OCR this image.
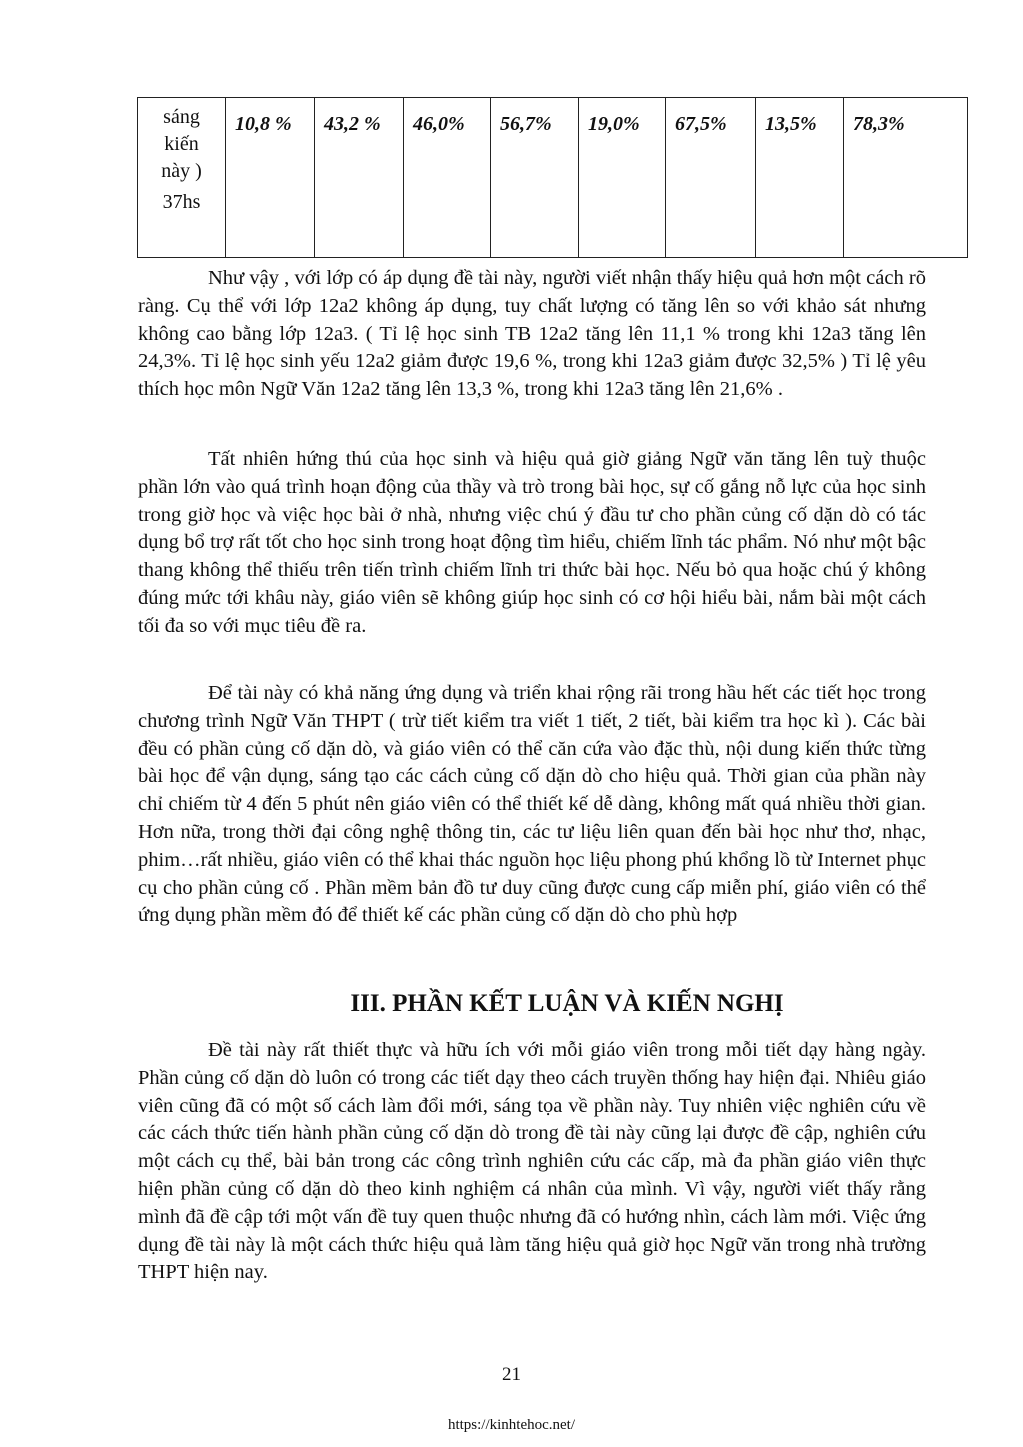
sáng
kiến
này )
37hs
	10,8 %	43,2 %	46,0%	56,7%	19,0%	67,5%	13,5%	78,3%

Như vậy , với lớp có áp dụng đề tài này, người viết nhận thấy hiệu quả hơn một cách rõ ràng. Cụ thể với lớp 12a2 không áp dụng, tuy chất lượng có tăng lên so với khảo sát nhưng không cao bằng lớp 12a3. ( Tỉ lệ học sinh TB 12a2 tăng lên 11,1 % trong khi 12a3 tăng lên 24,3%. Tỉ lệ học sinh yếu 12a2 giảm được 19,6 %, trong khi 12a3 giảm được 32,5% ) Tỉ lệ yêu thích học môn Ngữ Văn 12a2 tăng lên 13,3 %, trong khi 12a3 tăng lên 21,6% .

Tất nhiên hứng thú của học sinh và hiệu quả giờ giảng Ngữ văn tăng lên tuỳ thuộc phần lớn vào quá trình hoạn động của thầy và trò trong bài học, sự cố gắng nỗ lực của học sinh trong giờ học và việc học bài ở nhà, nhưng việc chú ý đầu tư cho phần củng cố dặn dò có tác dụng bổ trợ rất tốt cho học sinh trong hoạt động tìm hiểu, chiếm lĩnh tác phẩm. Nó như một bậc thang không thể thiếu trên tiến trình chiếm lĩnh tri thức bài học. Nếu bỏ qua hoặc chú ý không đúng mức tới khâu này, giáo viên sẽ không giúp học sinh có cơ hội hiểu bài, nắm bài một cách tối đa so với mục tiêu đề ra.

Để tài này có khả năng ứng dụng và triển khai rộng rãi trong hầu hết các tiết học trong chương trình Ngữ Văn THPT ( trừ tiết kiểm tra viết 1 tiết, 2 tiết, bài kiểm tra học kì ). Các bài đều có phần củng cố dặn dò, và giáo viên có thể căn cứa vào đặc thù, nội dung kiến thức từng bài học để vận dụng, sáng tạo các cách củng cố dặn dò cho hiệu quả. Thời gian của phần này chỉ chiếm từ 4 đến 5 phút nên giáo viên có thể thiết kế dễ dàng, không mất quá nhiều thời gian. Hơn nữa, trong thời đại công nghệ thông tin, các tư liệu liên quan đến bài học như thơ, nhạc, phim…rất nhiều, giáo viên có thể khai thác nguồn học liệu phong phú khổng lồ từ Internet phục cụ cho phần củng cố . Phần mềm bản đồ tư duy cũng được cung cấp miễn phí, giáo viên có thể ứng dụng phần mềm đó để thiết kế các phần củng cố dặn dò cho phù hợp

III. PHẦN KẾT LUẬN VÀ KIẾN NGHỊ

Đề tài này rất thiết thực và hữu ích với mỗi giáo viên trong mỗi tiết dạy hàng ngày. Phần củng cố dặn dò luôn có trong các tiết dạy theo cách truyền thống hay hiện đại. Nhiêu giáo viên cũng đã có một số cách làm đổi mới, sáng tọa về phần này. Tuy nhiên việc nghiên cứu về các cách thức tiến hành phần củng cố dặn dò trong đề tài này cũng lại được đề cập, nghiên cứu một cách cụ thể, bài bản trong các công trình nghiên cứu các cấp, mà đa phần giáo viên thực hiện phần củng cố dặn dò theo kinh nghiệm cá nhân của mình. Vì vậy, người viết thấy rằng mình đã đề cập tới một vấn đề tuy quen thuộc nhưng đã có hướng nhìn, cách làm mới. Việc ứng dụng đề tài này là một cách thức hiệu quả làm tăng hiệu quả giờ học Ngữ văn trong nhà trường THPT hiện nay.

21
https://kinhtehoc.net/
